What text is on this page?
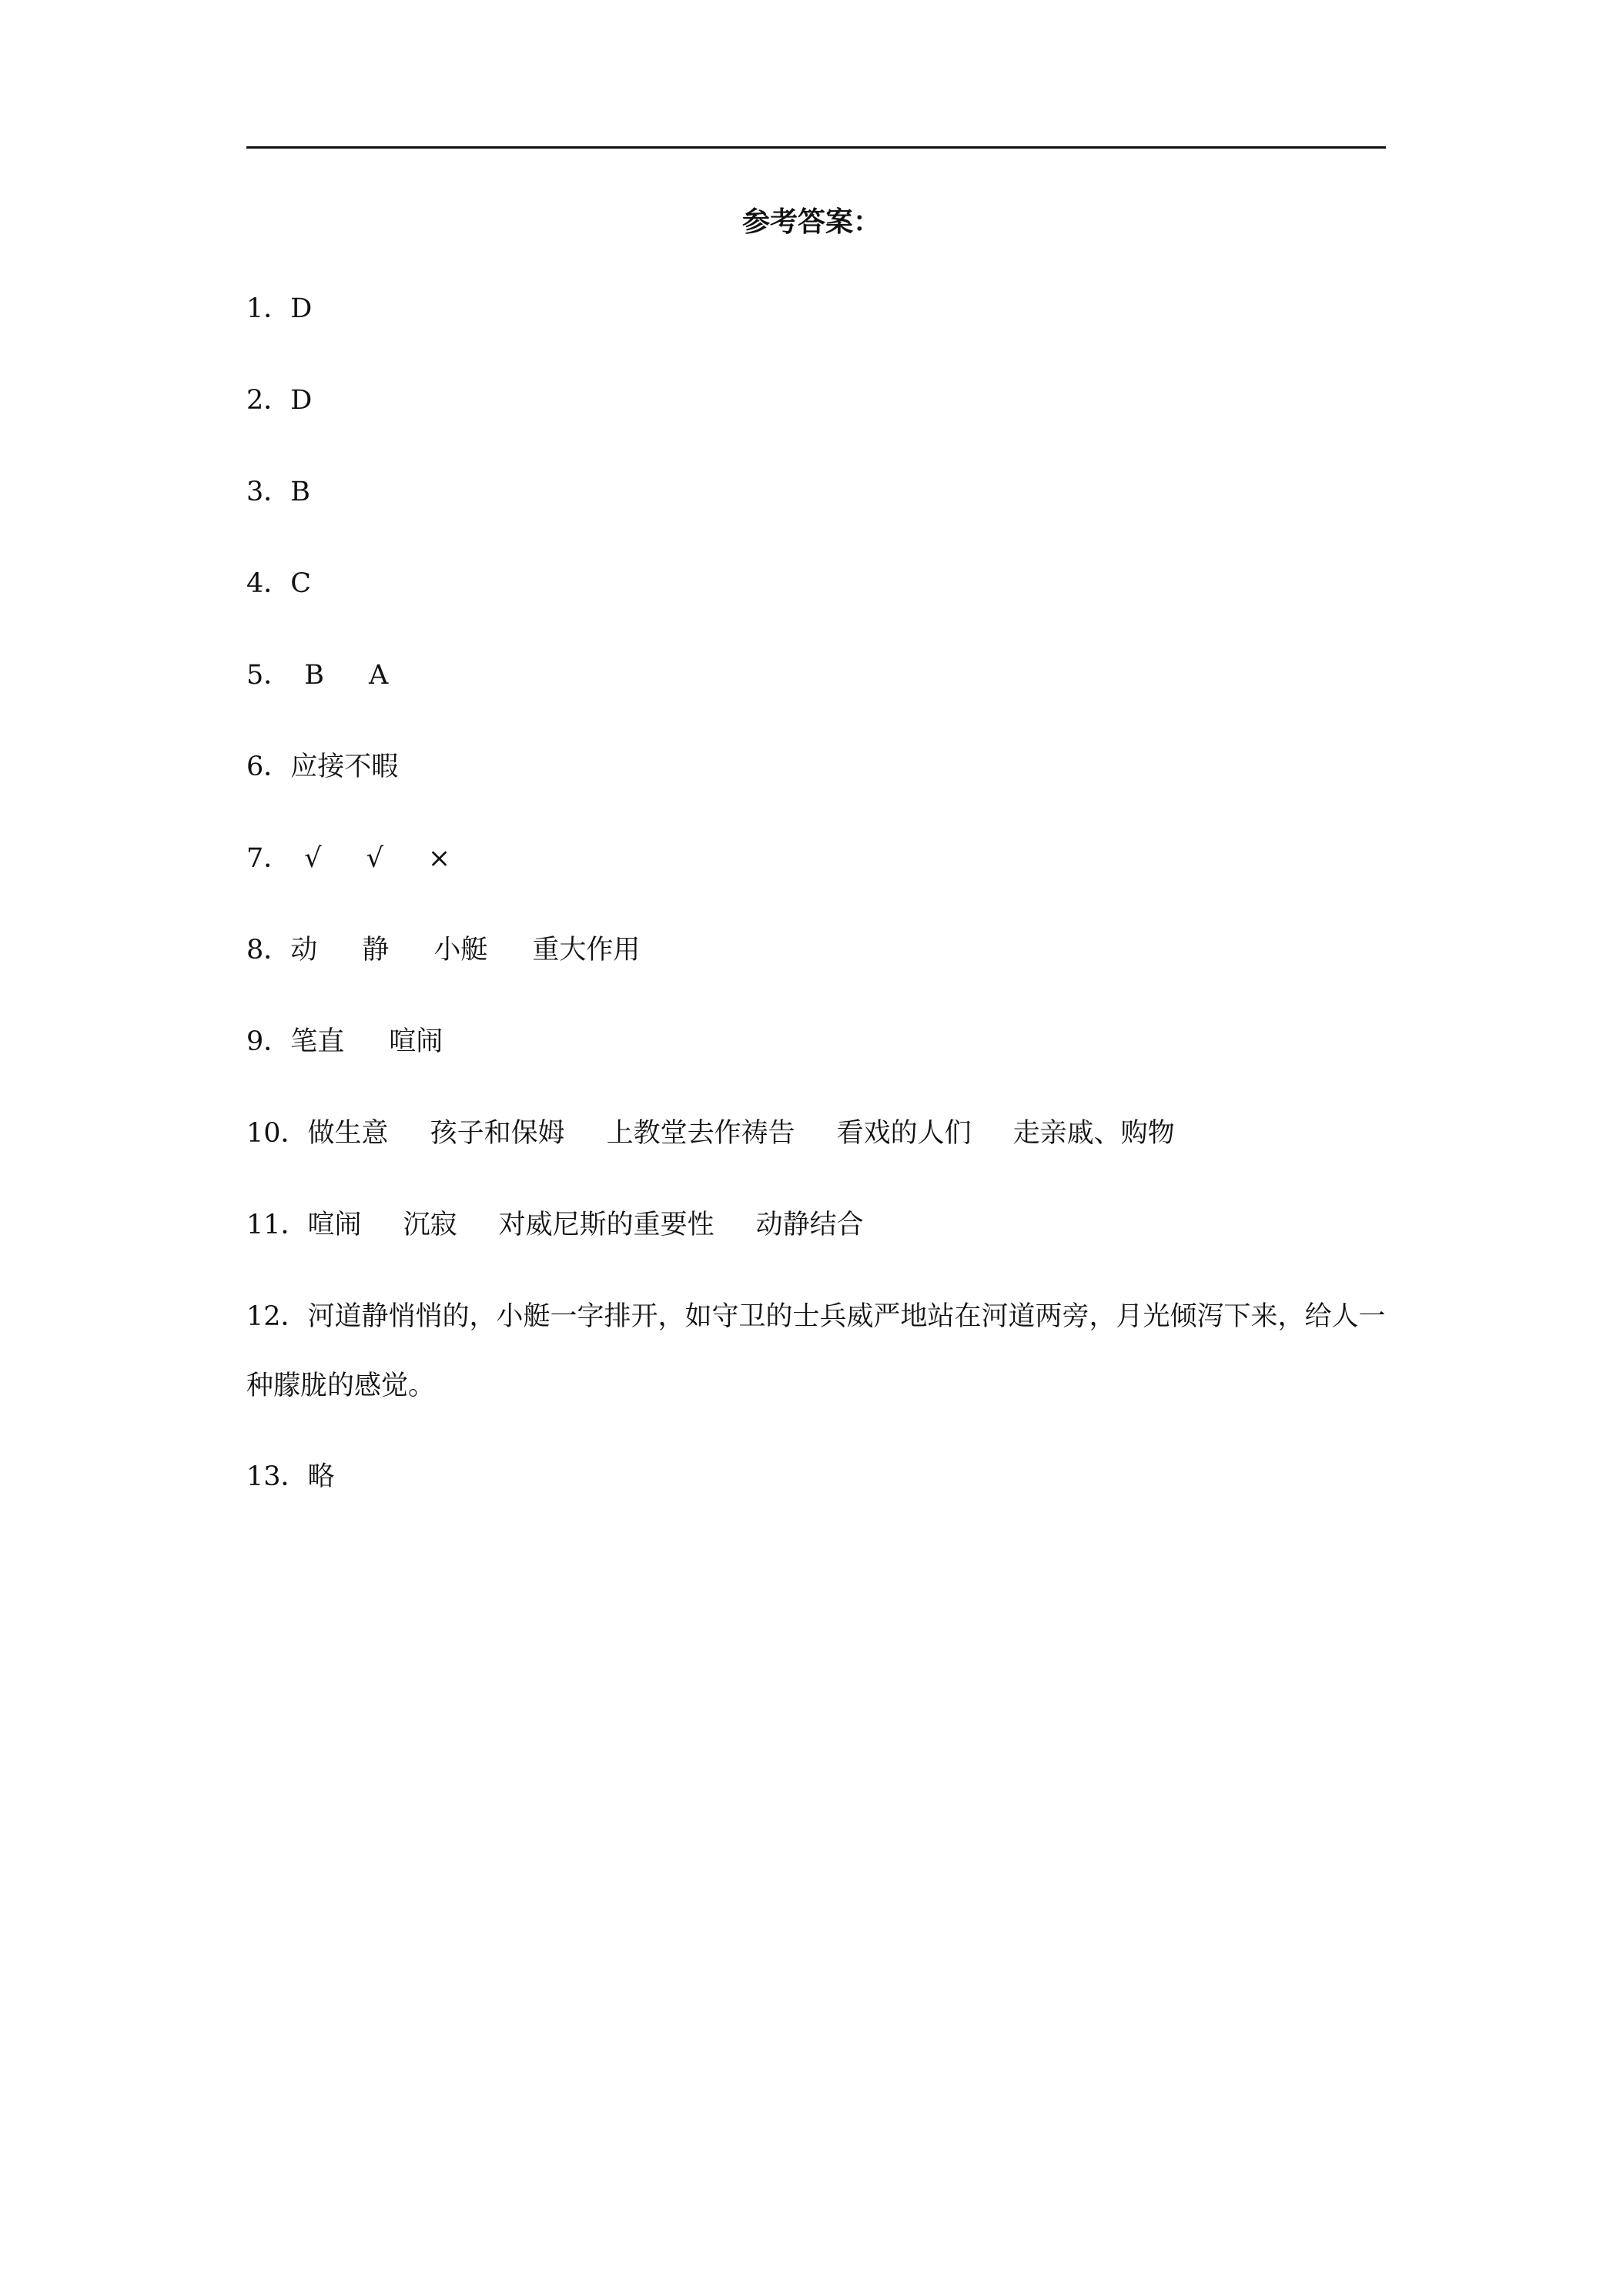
参考答案：
1．D
2．D
3．B
4．C
5． B A
6．应接不暇
7． √ √ ×
8．动 静 小艇 重大作用
9．笔直 喧闹
10．做生意 孩子和保姆 上教堂去作祷告 看戏的人们 走亲戚、购物
11．喧闹 沉寂 对威尼斯的重要性 动静结合
12．河道静悄悄的，小艇一字排开，如守卫的士兵威严地站在河道两旁，月光倾泻下来，给人一种朦胧的感觉。
13．略
